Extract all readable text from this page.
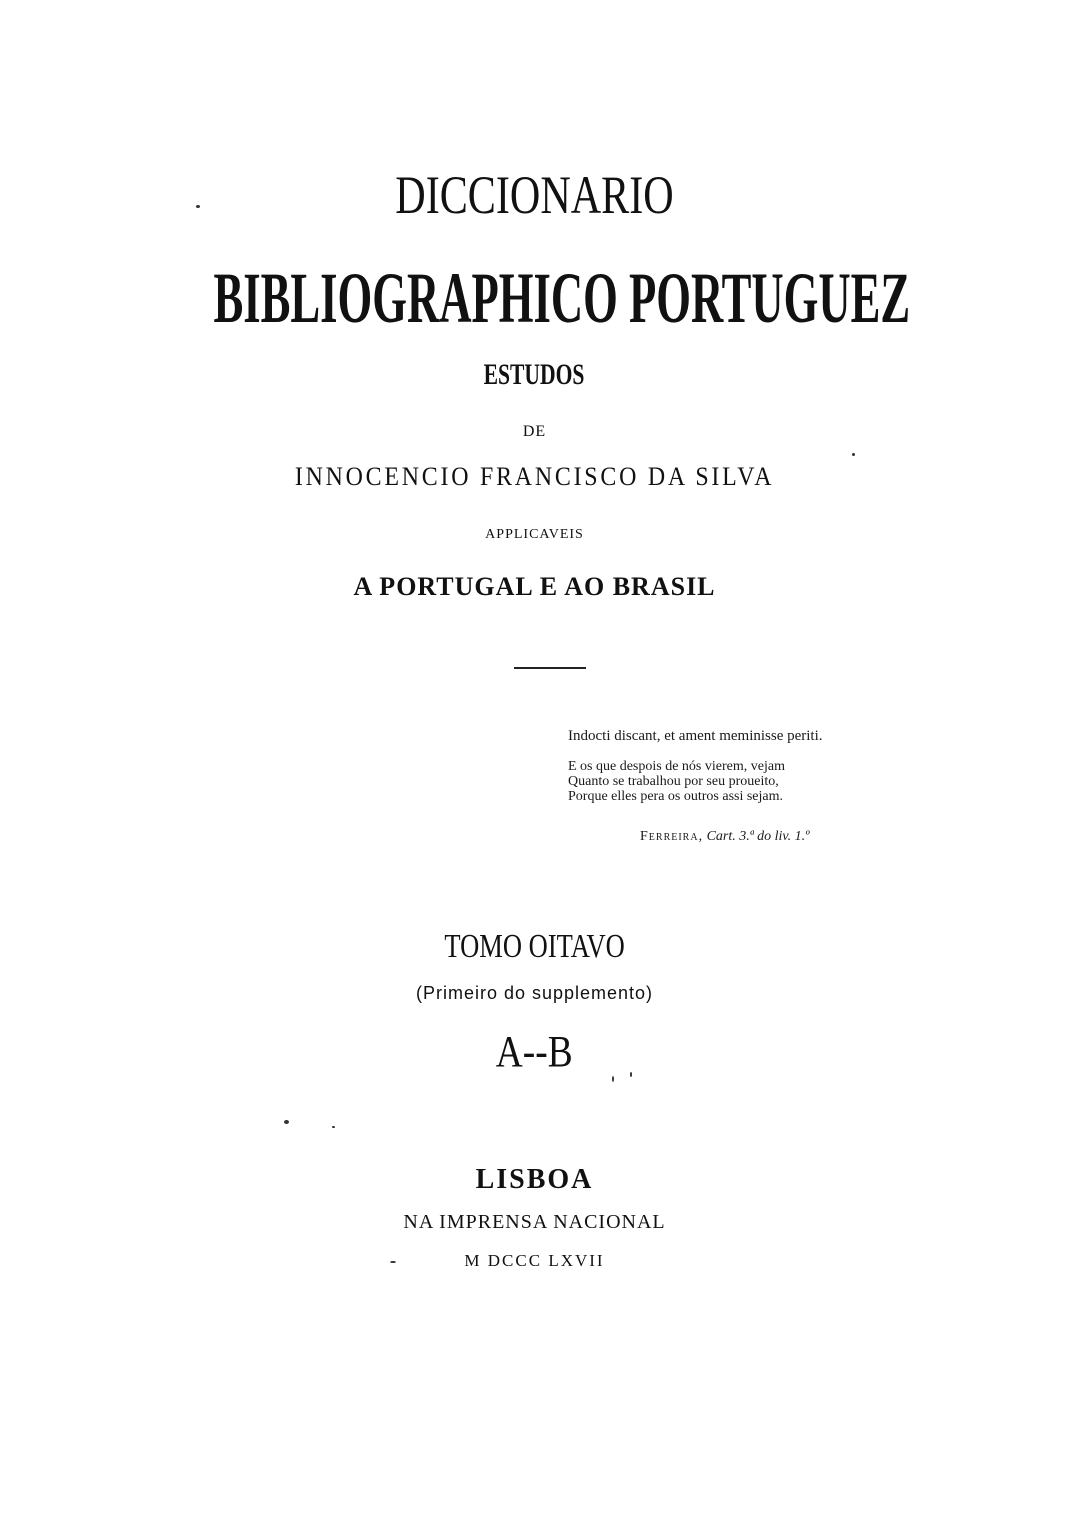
DICCIONARIO
BIBLIOGRAPHICO PORTUGUEZ
ESTUDOS
DE
INNOCENCIO FRANCISCO DA SILVA
APPLICAVEIS
A PORTUGAL E AO BRASIL
Indocti discant, et ament meminisse periti.
E os que despois de nós vierem, vejam
Quanto se trabalhou por seu proueito,
Porque elles pera os outros assi sejam.
Ferreira, Cart. 3.ª do liv. 1.º
TOMO OITAVO
(Primeiro do supplemento)
A--B
LISBOA
NA IMPRENSA NACIONAL
M DCCC LXVII
